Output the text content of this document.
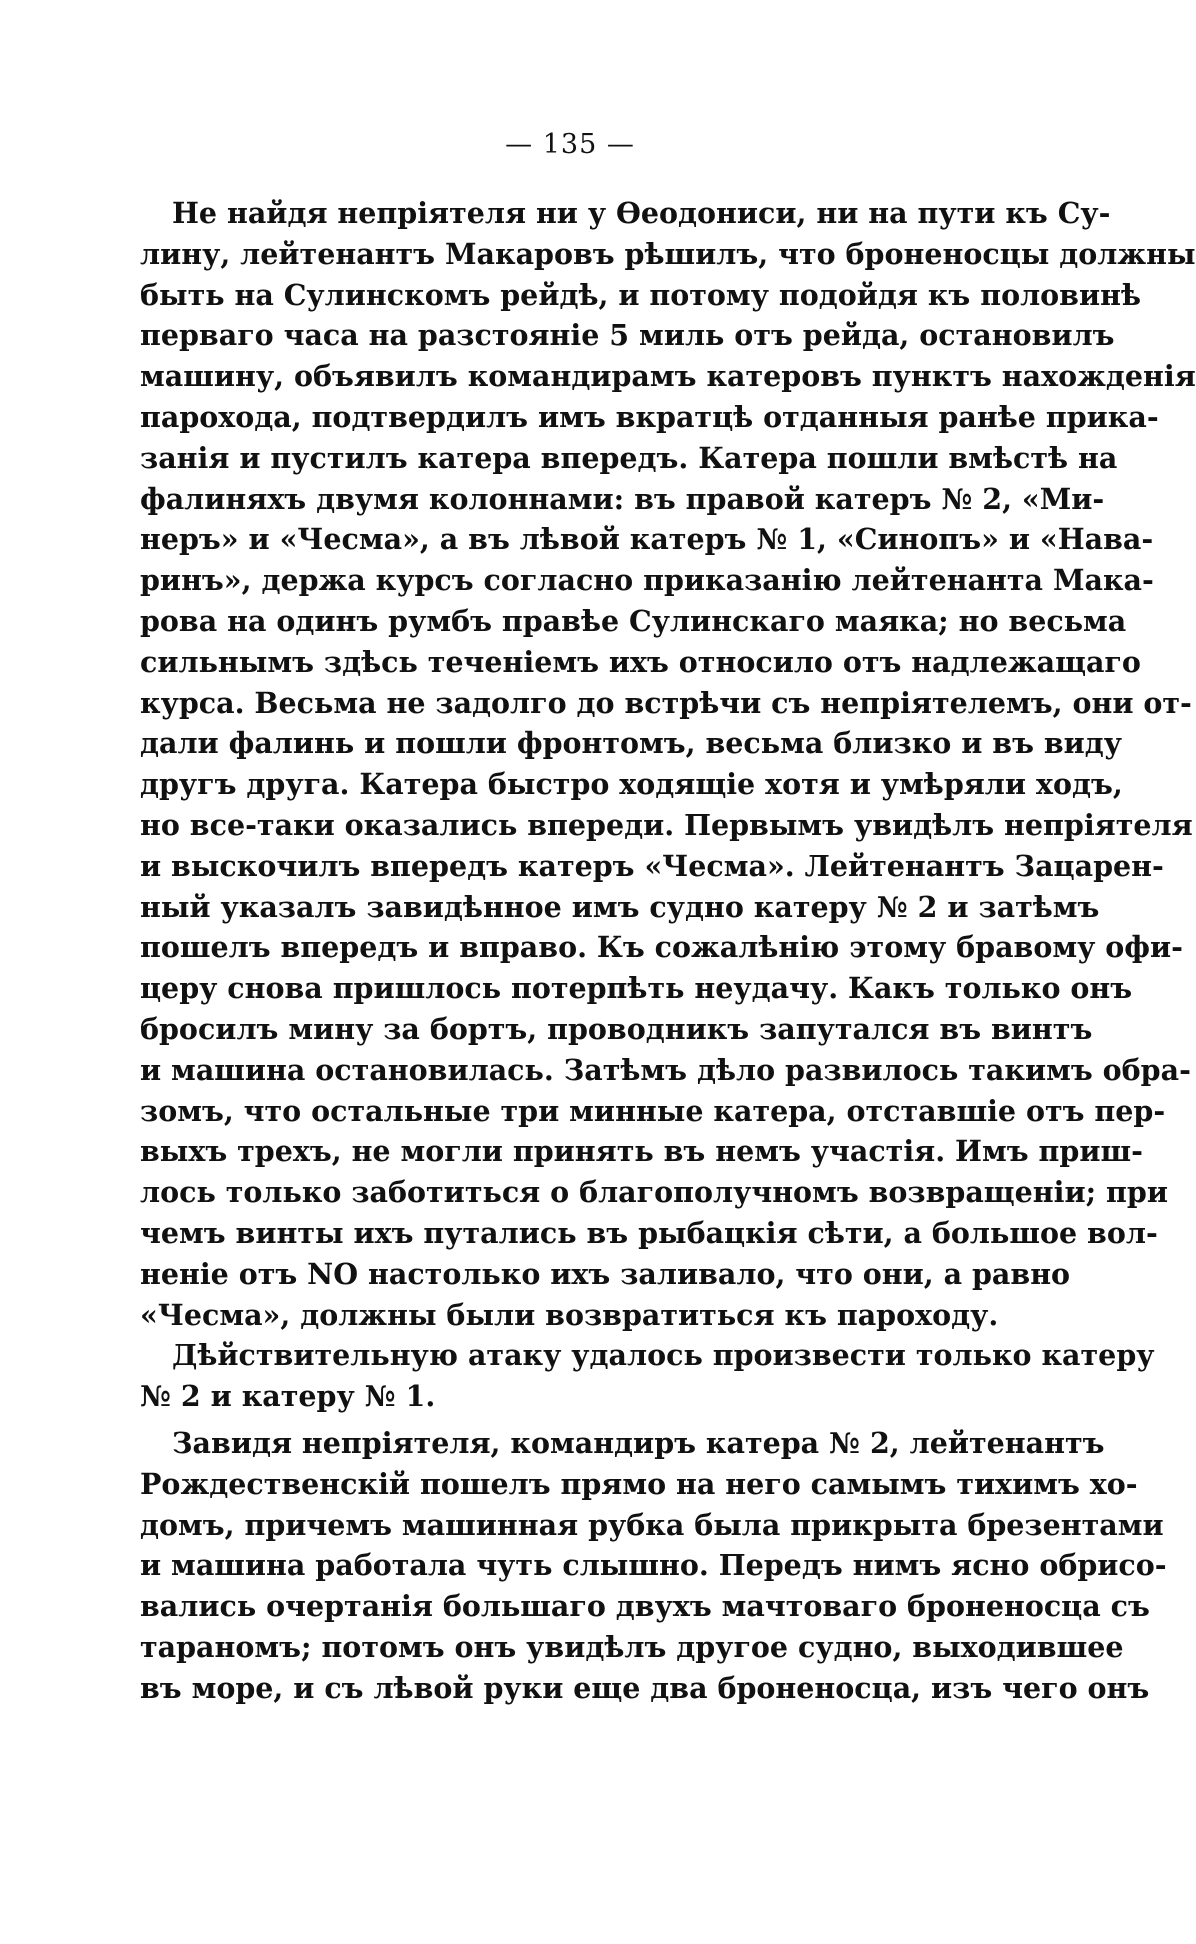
— 135 —
Не найдя непріятеля ни у Ѳеодониси, ни на пути къ Су-
лину, лейтенантъ Макаровъ рѣшилъ, что броненосцы должны
быть на Сулинскомъ рейдѣ, и потому подойдя къ половинѣ
перваго часа на разстояніе 5 миль отъ рейда, остановилъ
машину, объявилъ командирамъ катеровъ пунктъ нахожденія
парохода, подтвердилъ имъ вкратцѣ отданныя ранѣе прика-
занія и пустилъ катера впередъ. Катера пошли вмѣстѣ на
фалиняхъ двумя колоннами: въ правой катеръ № 2, «Ми-
неръ» и «Чесма», а въ лѣвой катеръ № 1, «Синопъ» и «Нава-
ринъ», держа курсъ согласно приказанію лейтенанта Мака-
рова на одинъ румбъ правѣе Сулинскаго маяка; но весьма
сильнымъ здѣсь теченіемъ ихъ относило отъ надлежащаго
курса. Весьма не задолго до встрѣчи съ непріятелемъ, они от-
дали фалинь и пошли фронтомъ, весьма близко и въ виду
другъ друга. Катера быстро ходящіе хотя и умѣряли ходъ,
но все-таки оказались впереди. Первымъ увидѣлъ непріятеля
и выскочилъ впередъ катеръ «Чесма». Лейтенантъ Зацарен-
ный указалъ завидѣнное имъ судно катеру № 2 и затѣмъ
пошелъ впередъ и вправо. Къ сожалѣнію этому бравому офи-
церу снова пришлось потерпѣть неудачу. Какъ только онъ
бросилъ мину за бортъ, проводникъ запутался въ винтъ
и машина остановилась. Затѣмъ дѣло развилось такимъ обра-
зомъ, что остальные три минные катера, отставшіе отъ пер-
выхъ трехъ, не могли принять въ немъ участія. Имъ приш-
лось только заботиться о благополучномъ возвращеніи; при
чемъ винты ихъ путались въ рыбацкія сѣти, а большое вол-
неніе отъ NO настолько ихъ заливало, что они, а равно
«Чесма», должны были возвратиться къ пароходу.
Дѣйствительную атаку удалось произвести только катеру
№ 2 и катеру № 1.
Завидя непріятеля, командиръ катера № 2, лейтенантъ
Рождественскій пошелъ прямо на него самымъ тихимъ хо-
домъ, причемъ машинная рубка была прикрыта брезентами
и машина работала чуть слышно. Передъ нимъ ясно обрисо-
вались очертанія большаго двухъ мачтоваго броненосца съ
тараномъ; потомъ онъ увидѣлъ другое судно, выходившее
въ море, и съ лѣвой руки еще два броненосца, изъ чего онъ
